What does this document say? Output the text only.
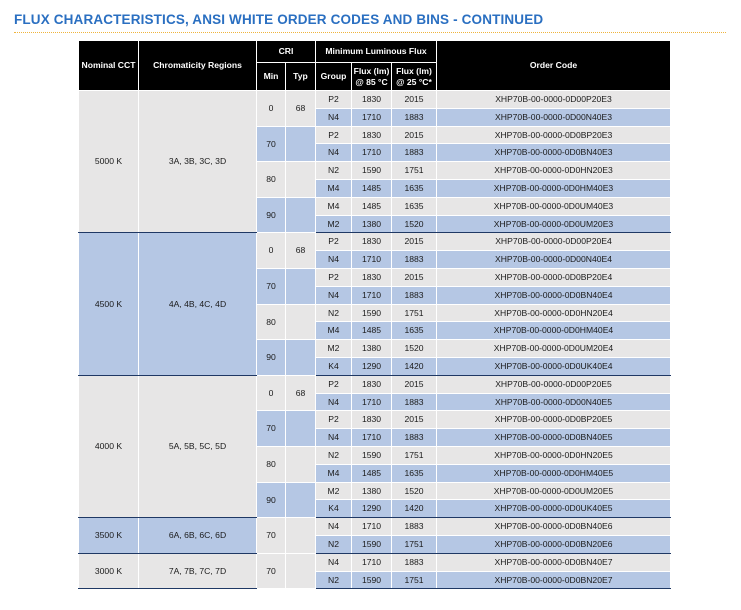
FLUX CHARACTERISTICS, ANSI WHITE ORDER CODES AND BINS - CONTINUED
Nominal CCT	Chromaticity Regions	CRI		Minimum Luminous Flux			Order Code
		Min	Typ	Group	Flux (lm) @ 85 °C	Flux (lm) @ 25 °C*	
5000 K	3A, 3B, 3C, 3D	0	68	P2	1830	2015	XHP70B-00-0000-0D00P20E3
				N4	1710	1883	XHP70B-00-0000-0D00N40E3
		70		P2	1830	2015	XHP70B-00-0000-0D0BP20E3
				N4	1710	1883	XHP70B-00-0000-0D0BN40E3
		80		N2	1590	1751	XHP70B-00-0000-0D0HN20E3
				M4	1485	1635	XHP70B-00-0000-0D0HM40E3
		90		M4	1485	1635	XHP70B-00-0000-0D0UM40E3
				M2	1380	1520	XHP70B-00-0000-0D0UM20E3
4500 K	4A, 4B, 4C, 4D	0	68	P2	1830	2015	XHP70B-00-0000-0D00P20E4
				N4	1710	1883	XHP70B-00-0000-0D00N40E4
		70		P2	1830	2015	XHP70B-00-0000-0D0BP20E4
				N4	1710	1883	XHP70B-00-0000-0D0BN40E4
		80		N2	1590	1751	XHP70B-00-0000-0D0HN20E4
				M4	1485	1635	XHP70B-00-0000-0D0HM40E4
		90		M2	1380	1520	XHP70B-00-0000-0D0UM20E4
				K4	1290	1420	XHP70B-00-0000-0D0UK40E4
4000 K	5A, 5B, 5C, 5D	0	68	P2	1830	2015	XHP70B-00-0000-0D00P20E5
				N4	1710	1883	XHP70B-00-0000-0D00N40E5
		70		P2	1830	2015	XHP70B-00-0000-0D0BP20E5
				N4	1710	1883	XHP70B-00-0000-0D0BN40E5
		80		N2	1590	1751	XHP70B-00-0000-0D0HN20E5
				M4	1485	1635	XHP70B-00-0000-0D0HM40E5
		90		M2	1380	1520	XHP70B-00-0000-0D0UM20E5
				K4	1290	1420	XHP70B-00-0000-0D0UK40E5
3500 K	6A, 6B, 6C, 6D	70		N4	1710	1883	XHP70B-00-0000-0D0BN40E6
				N2	1590	1751	XHP70B-00-0000-0D0BN20E6
3000 K	7A, 7B, 7C, 7D	70		N4	1710	1883	XHP70B-00-0000-0D0BN40E7
				N2	1590	1751	XHP70B-00-0000-0D0BN20E7
